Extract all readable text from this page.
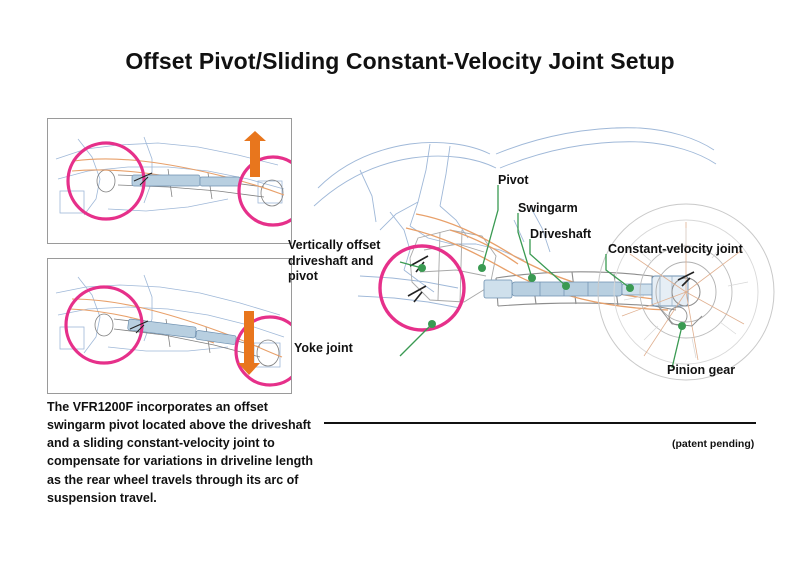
Offset Pivot/Sliding Constant-Velocity Joint Setup
The VFR1200F incorporates an offset swingarm pivot located above the driveshaft and a sliding constant-velocity joint to compensate for variations in driveline length as the rear wheel travels through its arc of suspension travel.
Pivot
Swingarm
Driveshaft
Constant-velocity joint
Vertically offset driveshaft and pivot
Yoke joint
Pinion gear
(patent pending)
